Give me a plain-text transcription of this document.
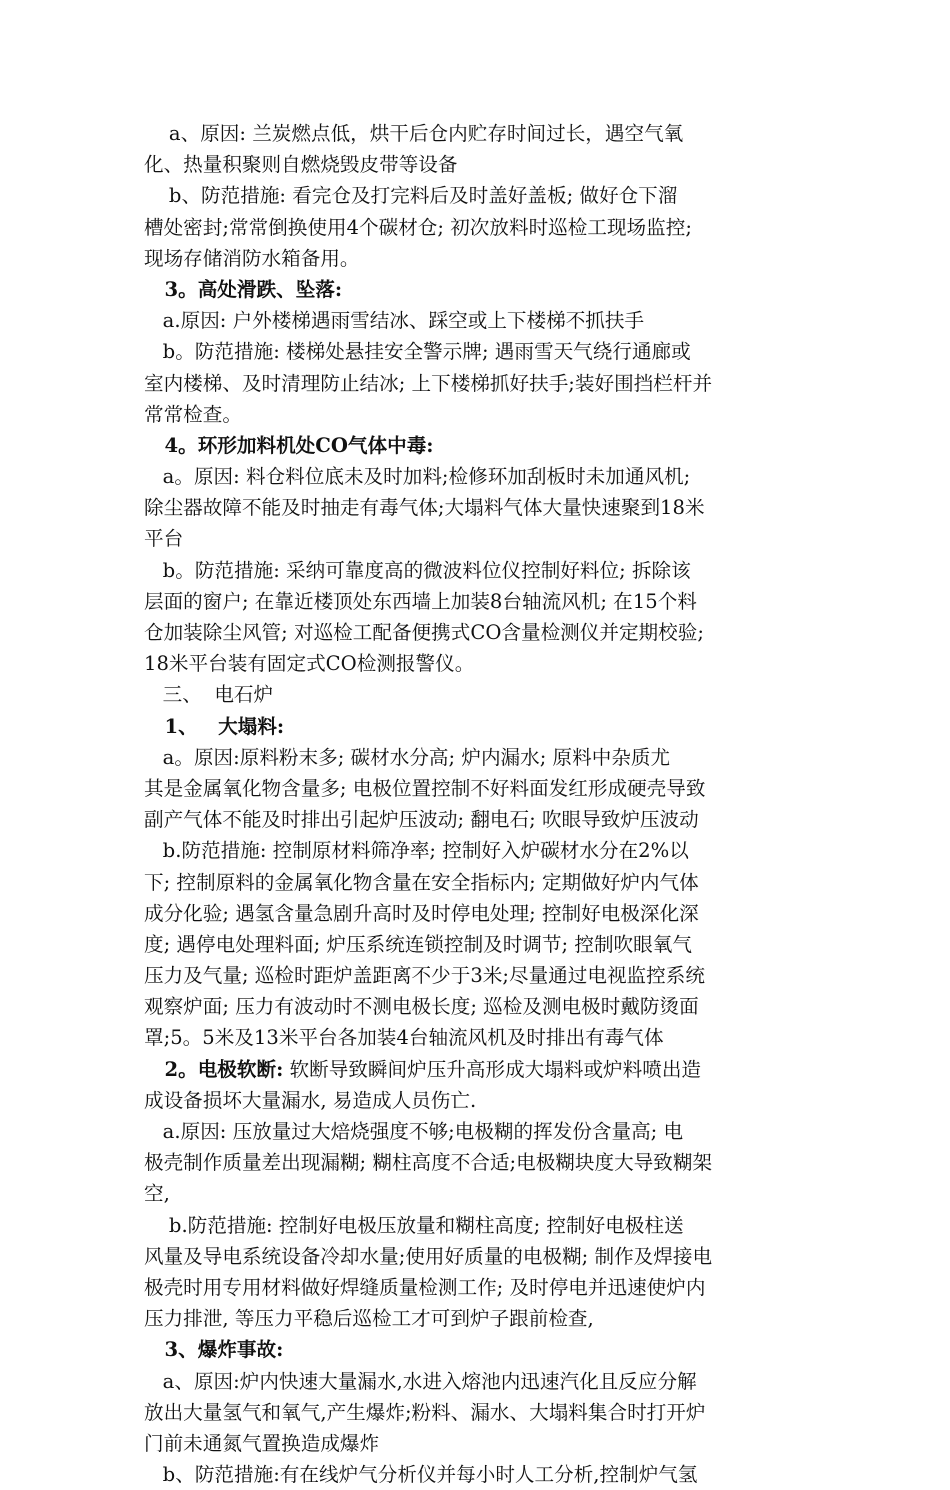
a、原因: 兰炭燃点低，烘干后仓内贮存时间过长，遇空气氧
化、热量积聚则自燃烧毁皮带等设备
b、防范措施: 看完仓及打完料后及时盖好盖板; 做好仓下溜
槽处密封;常常倒换使用4个碳材仓; 初次放料时巡检工现场监控;
现场存储消防水箱备用。
3。高处滑跌、坠落:
a.原因: 户外楼梯遇雨雪结冰、踩空或上下楼梯不抓扶手
b。防范措施: 楼梯处悬挂安全警示牌; 遇雨雪天气绕行通廊或
室内楼梯、及时清理防止结冰; 上下楼梯抓好扶手;装好围挡栏杆并
常常检查。
4。环形加料机处CO气体中毒:
a。原因: 料仓料位底未及时加料;检修环加刮板时未加通风机;
除尘器故障不能及时抽走有毒气体;大塌料气体大量快速聚到18米
平台
b。防范措施: 采纳可靠度高的微波料位仪控制好料位; 拆除该
层面的窗户; 在靠近楼顶处东西墙上加装8台轴流风机; 在15个料
仓加装除尘风管; 对巡检工配备便携式CO含量检测仪并定期校验;
18米平台装有固定式CO检测报警仪。
三、  电石炉
1、   大塌料:
a。原因:原料粉末多; 碳材水分高; 炉内漏水; 原料中杂质尤
其是金属氧化物含量多; 电极位置控制不好料面发红形成硬壳导致
副产气体不能及时排出引起炉压波动; 翻电石; 吹眼导致炉压波动
b.防范措施: 控制原材料筛净率; 控制好入炉碳材水分在2%以
下; 控制原料的金属氧化物含量在安全指标内; 定期做好炉内气体
成分化验; 遇氢含量急剧升高时及时停电处理; 控制好电极深化深
度; 遇停电处理料面; 炉压系统连锁控制及时调节; 控制吹眼氧气
压力及气量; 巡检时距炉盖距离不少于3米;尽量通过电视监控系统
观察炉面; 压力有波动时不测电极长度; 巡检及测电极时戴防烫面
罩;5。5米及13米平台各加装4台轴流风机及时排出有毒气体
2。电极软断: 软断导致瞬间炉压升高形成大塌料或炉料喷出造
成设备损坏大量漏水, 易造成人员伤亡.
a.原因: 压放量过大焙烧强度不够;电极糊的挥发份含量高; 电
极壳制作质量差出现漏糊; 糊柱高度不合适;电极糊块度大导致糊架
空,
b.防范措施: 控制好电极压放量和糊柱高度; 控制好电极柱送
风量及导电系统设备冷却水量;使用好质量的电极糊; 制作及焊接电
极壳时用专用材料做好焊缝质量检测工作; 及时停电并迅速使炉内
压力排泄, 等压力平稳后巡检工才可到炉子跟前检查,
3、爆炸事故:
a、原因:炉内快速大量漏水,水进入熔池内迅速汽化且反应分解
放出大量氢气和氧气,产生爆炸;粉料、漏水、大塌料集合时打开炉
门前未通氮气置换造成爆炸
b、防范措施:有在线炉气分析仪并每小时人工分析,控制炉气氢
